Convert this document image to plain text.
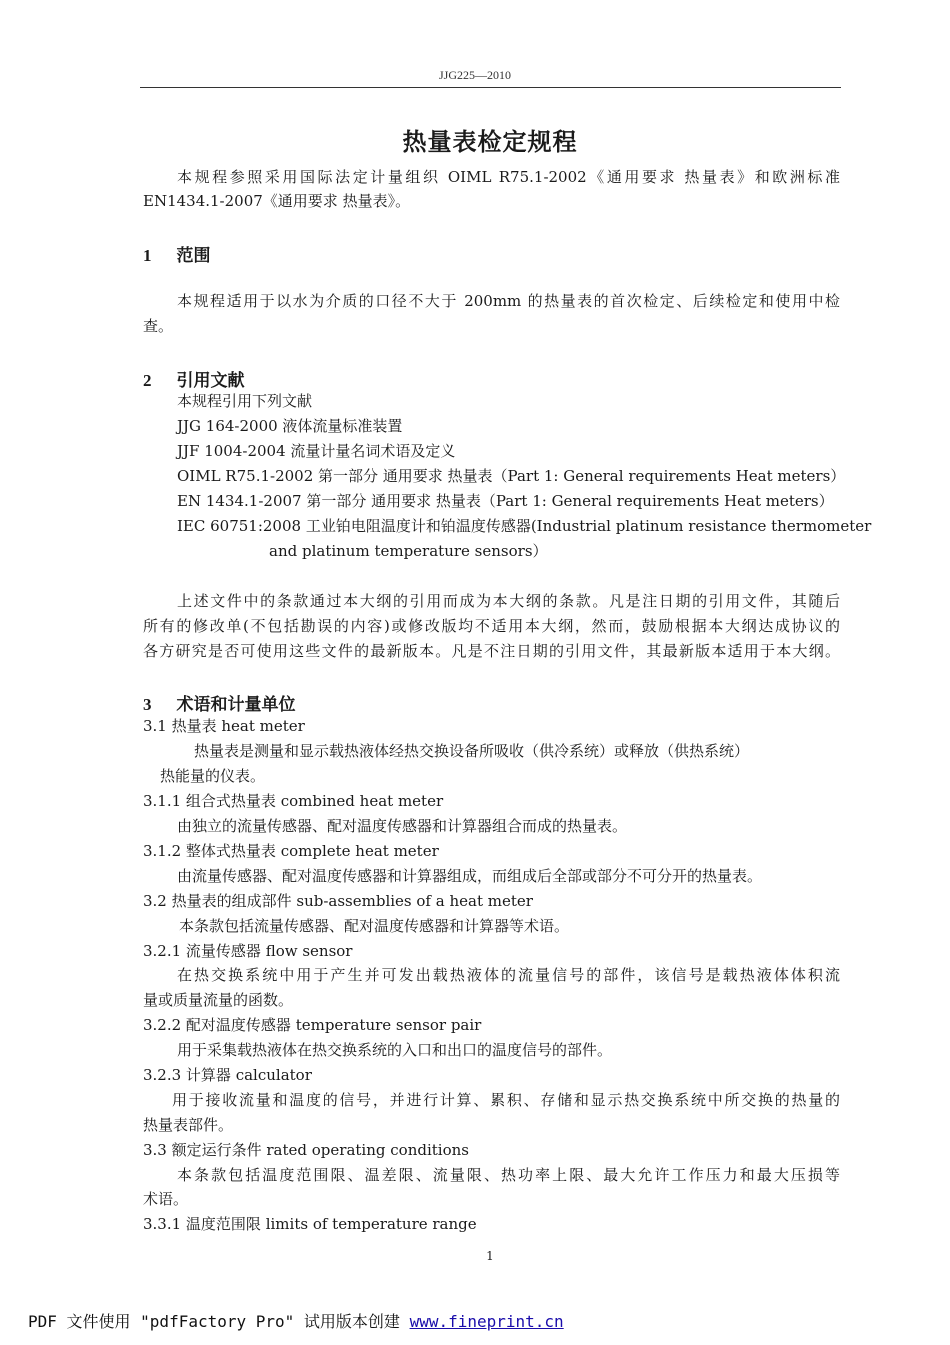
JJG225—2010
热量表检定规程
本规程参照采用国际法定计量组织 OIML R75.1-2002《通用要求 热量表》和欧洲标准
EN1434.1-2007《通用要求 热量表》。
1 范围
本规程适用于以水为介质的口径不大于 200mm 的热量表的首次检定、后续检定和使用中检
查。
2 引用文献
本规程引用下列文献
JJG 164-2000 液体流量标准装置
JJF 1004-2004 流量计量名词术语及定义
OIML R75.1-2002 第一部分 通用要求 热量表（Part 1: General requirements Heat meters）
EN 1434.1-2007 第一部分 通用要求 热量表（Part 1: General requirements Heat meters）
IEC 60751:2008 工业铂电阻温度计和铂温度传感器(Industrial platinum resistance thermometer
and platinum temperature sensors）
上述文件中的条款通过本大纲的引用而成为本大纲的条款。凡是注日期的引用文件，其随后
所有的修改单(不包括勘误的内容)或修改版均不适用本大纲，然而，鼓励根据本大纲达成协议的
各方研究是否可使用这些文件的最新版本。凡是不注日期的引用文件，其最新版本适用于本大纲。
3 术语和计量单位
3.1 热量表 heat meter
热量表是测量和显示载热液体经热交换设备所吸收（供冷系统）或释放（供热系统）
热能量的仪表。
3.1.1 组合式热量表 combined heat meter
由独立的流量传感器、配对温度传感器和计算器组合而成的热量表。
3.1.2 整体式热量表 complete heat meter
由流量传感器、配对温度传感器和计算器组成，而组成后全部或部分不可分开的热量表。
3.2 热量表的组成部件 sub-assemblies of a heat meter
本条款包括流量传感器、配对温度传感器和计算器等术语。
3.2.1 流量传感器 flow sensor
在热交换系统中用于产生并可发出载热液体的流量信号的部件，该信号是载热液体体积流
量或质量流量的函数。
3.2.2 配对温度传感器 temperature sensor pair
用于采集载热液体在热交换系统的入口和出口的温度信号的部件。
3.2.3 计算器 calculator
用于接收流量和温度的信号，并进行计算、累积、存储和显示热交换系统中所交换的热量的
热量表部件。
3.3 额定运行条件 rated operating conditions
本条款包括温度范围限、温差限、流量限、热功率上限、最大允许工作压力和最大压损等
术语。
3.3.1 温度范围限 limits of temperature range
1
PDF 文件使用 "pdfFactory Pro" 试用版本创建 www.fineprint.cn
